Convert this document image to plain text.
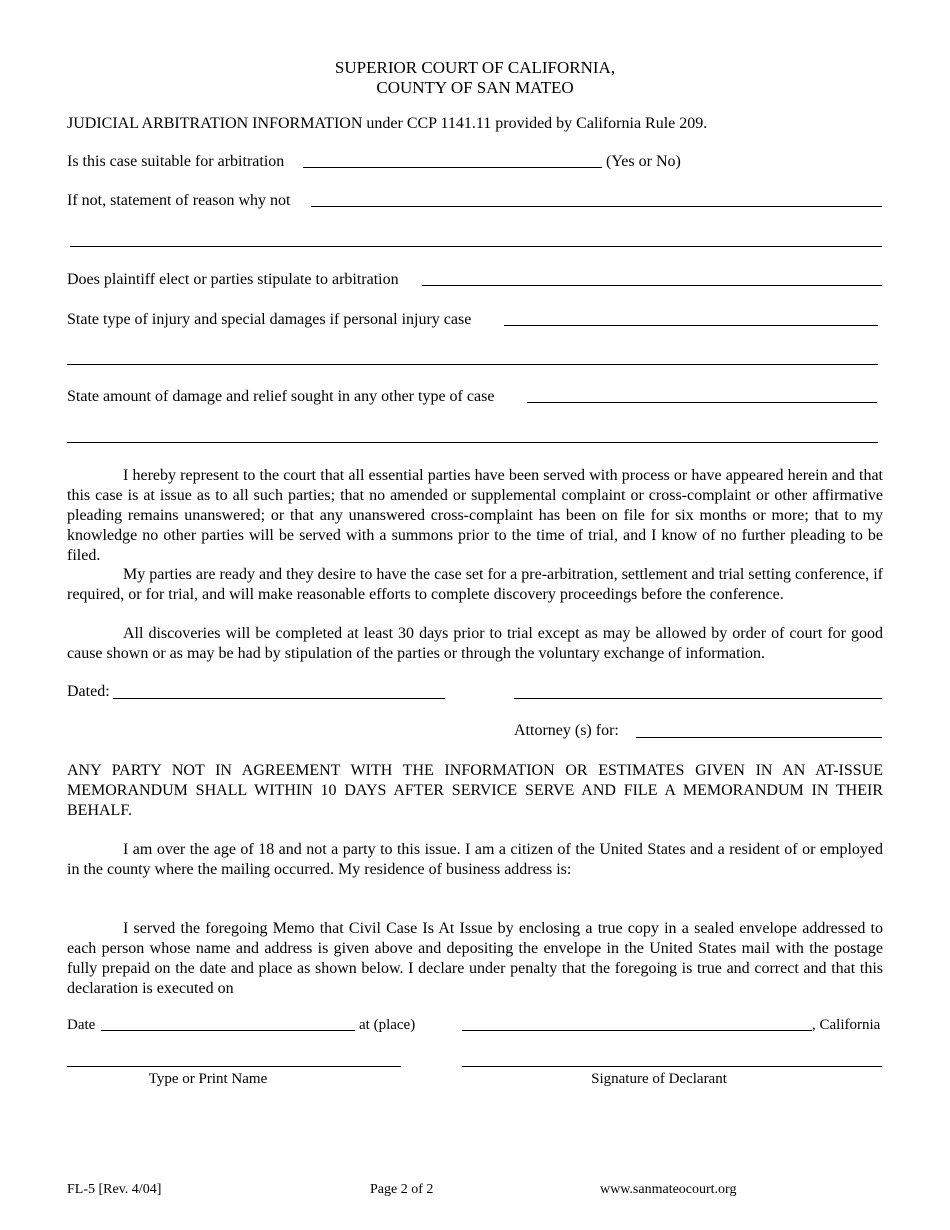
SUPERIOR COURT OF CALIFORNIA,
COUNTY OF SAN MATEO
JUDICIAL ARBITRATION INFORMATION under CCP 1141.11 provided by California Rule 209.
Is this case suitable for arbitration	(Yes or No)
If not, statement of reason why not
Does plaintiff elect or parties stipulate to arbitration
State type of injury and special damages if personal injury case
State amount of damage and relief sought in any other type of case
I hereby represent to the court that all essential parties have been served with process or have appeared herein and that this case is at issue as to all such parties; that no amended or supplemental complaint or cross-complaint or other affirmative pleading remains unanswered; or that any unanswered cross-complaint has been on file for six months or more; that to my knowledge no other parties will be served with a summons prior to the time of trial, and I know of no further pleading to be filed.
My parties are ready and they desire to have the case set for a pre-arbitration, settlement and trial setting conference, if required, or for trial, and will make reasonable efforts to complete discovery proceedings before the conference.
All discoveries will be completed at least 30 days prior to trial except as may be allowed by order of court for good cause shown or as may be had by stipulation of the parties or through the voluntary exchange of information.
Dated:
Attorney (s) for:
ANY PARTY NOT IN AGREEMENT WITH THE INFORMATION OR ESTIMATES GIVEN IN AN AT-ISSUE MEMORANDUM SHALL WITHIN 10 DAYS AFTER SERVICE SERVE AND FILE A MEMORANDUM IN THEIR BEHALF.
I am over the age of 18 and not a party to this issue. I am a citizen of the United States and a resident of or employed in the county where the mailing occurred. My residence of business address is:
I served the foregoing Memo that Civil Case Is At Issue by enclosing a true copy in a sealed envelope addressed to each person whose name and address is given above and depositing the envelope in the United States mail with the postage fully prepaid on the date and place as shown below. I declare under penalty that the foregoing is true and correct and that this declaration is executed on
Date	at (place)	, California
Type or Print Name	Signature of Declarant
FL-5 [Rev. 4/04]	Page 2 of 2	www.sanmateocourt.org
